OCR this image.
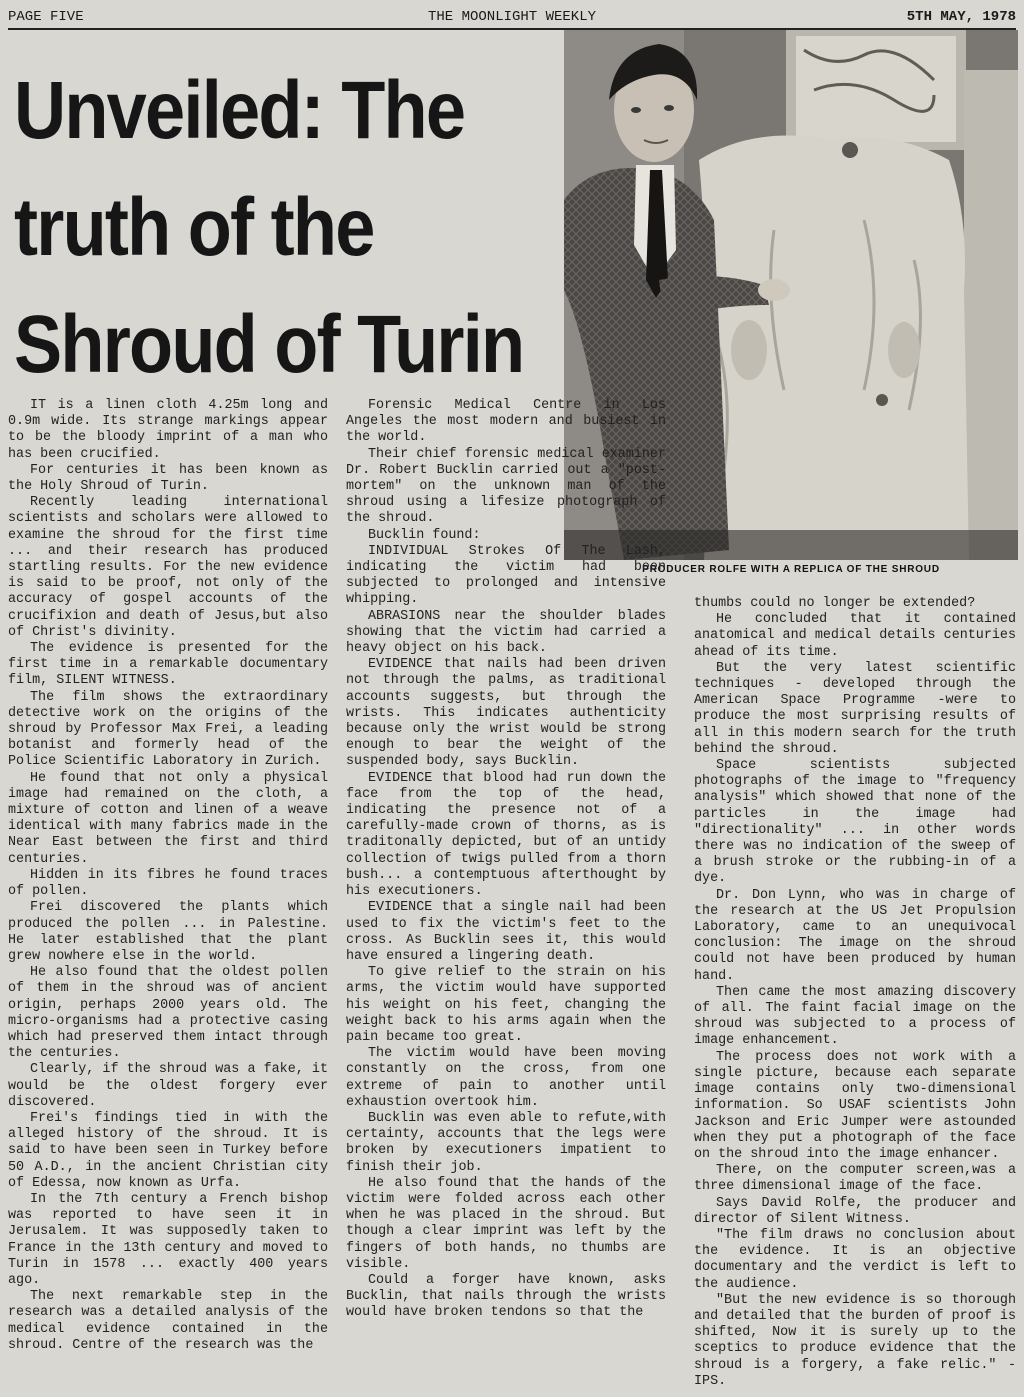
PAGE FIVE	THE MOONLIGHT WEEKLY	5TH MAY, 1978
Unveiled: The
truth of the
Shroud of Turin
PRODUCER ROLFE WITH A REPLICA OF THE SHROUD

IT is a linen cloth 4.25m long and 0.9m wide. Its strange markings appear to be the bloody imprint of a man who has been crucified.

For centuries it has been known as the Holy Shroud of Turin.

Recently leading international scientists and scholars were allowed to examine the shroud for the first time ... and their research has produced startling results. For the new evidence is said to be proof, not only of the accuracy of gospel accounts of the crucifixion and death of Jesus,but also of Christ's divinity.

The evidence is presented for the first time in a remarkable documentary film, SILENT WITNESS.

The film shows the extraordinary detective work on the origins of the shroud by Professor Max Frei, a leading botanist and formerly head of the Police Scientific Laboratory in Zurich.

He found that not only a physical image had remained on the cloth, a mixture of cotton and linen of a weave identical with many fabrics made in the Near East between the first and third centuries.

Hidden in its fibres he found traces of pollen.

Frei discovered the plants which produced the pollen ... in Palestine. He later established that the plant grew nowhere else in the world.

He also found that the oldest pollen of them in the shroud was of ancient origin, perhaps 2000 years old. The micro-organisms had a protective casing which had preserved them intact through the centuries.

Clearly, if the shroud was a fake, it would be the oldest forgery ever discovered.

Frei's findings tied in with the alleged history of the shroud. It is said to have been seen in Turkey before 50 A.D., in the ancient Christian city of Edessa, now known as Urfa.

In the 7th century a French bishop was reported to have seen it in Jerusalem. It was supposedly taken to France in the 13th century and moved to Turin in 1578 ... exactly 400 years ago.

The next remarkable step in the research was a detailed analysis of the medical evidence contained in the shroud. Centre of the research was the

Forensic Medical Centre in Los Angeles the most modern and busiest in the world.

Their chief forensic medical examiner Dr. Robert Bucklin carried out a "post-mortem" on the unknown man of the shroud using a lifesize photograph of the shroud.

Bucklin found:

INDIVIDUAL Strokes Of The Lash, indicating the victim had been subjected to prolonged and intensive whipping.

ABRASIONS near the shoulder blades showing that the victim had carried a heavy object on his back.

EVIDENCE that nails had been driven not through the palms, as traditional accounts suggests, but through the wrists. This indicates authenticity because only the wrist would be strong enough to bear the weight of the suspended body, says Bucklin.

EVIDENCE that blood had run down the face from the top of the head, indicating the presence not of a carefully-made crown of thorns, as is traditonally depicted, but of an untidy collection of twigs pulled from a thorn bush... a contemptuous afterthought by his executioners.

EVIDENCE that a single nail had been used to fix the victim's feet to the cross. As Bucklin sees it, this would have ensured a lingering death.

To give relief to the strain on his arms, the victim would have supported his weight on his feet, changing the weight back to his arms again when the pain became too great.

The victim would have been moving constantly on the cross, from one extreme of pain to another until exhaustion overtook him.

Bucklin was even able to refute,with certainty, accounts that the legs were broken by executioners impatient to finish their job.

He also found that the hands of the victim were folded across each other when he was placed in the shroud. But though a clear imprint was left by the fingers of both hands, no thumbs are visible.

Could a forger have known, asks Bucklin, that nails through the wrists would have broken tendons so that the

thumbs could no longer be extended?

He concluded that it contained anatomical and medical details centuries ahead of its time.

But the very latest scientific techniques - developed through the American Space Programme -were to produce the most surprising results of all in this modern search for the truth behind the shroud.

Space scientists subjected photographs of the image to "frequency analysis" which showed that none of the particles in the image had "directionality" ... in other words there was no indication of the sweep of a brush stroke or the rubbing-in of a dye.

Dr. Don Lynn, who was in charge of the research at the US Jet Propulsion Laboratory, came to an unequivocal conclusion: The image on the shroud could not have been produced by human hand.

Then came the most amazing discovery of all. The faint facial image on the shroud was subjected to a process of image enhancement.

The process does not work with a single picture, because each separate image contains only two-dimensional information. So USAF scientists John Jackson and Eric Jumper were astounded when they put a photograph of the face on the shroud into the image enhancer.

There, on the computer screen,was a three dimensional image of the face.

Says David Rolfe, the producer and director of Silent Witness.

"The film draws no conclusion about the evidence. It is an objective documentary and the verdict is left to the audience.

"But the new evidence is so thorough and detailed that the burden of proof is shifted, Now it is surely up to the sceptics to produce evidence that the shroud is a forgery, a fake relic." - IPS.
